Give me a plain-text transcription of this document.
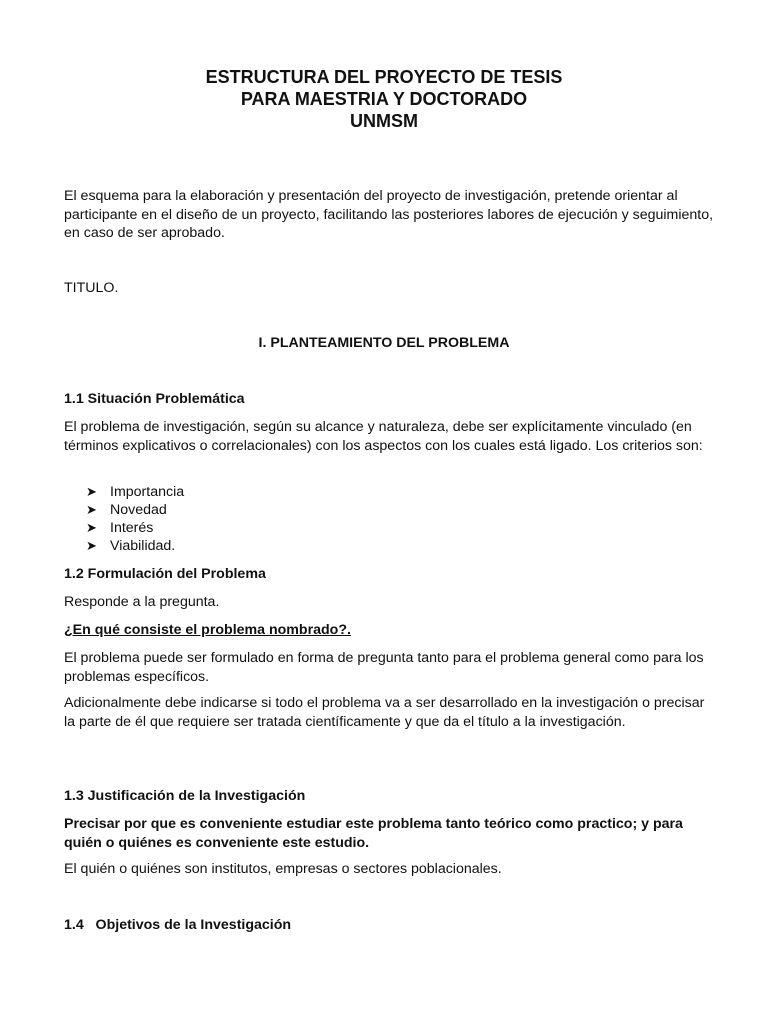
ESTRUCTURA DEL PROYECTO DE TESIS
PARA MAESTRIA Y DOCTORADO
UNMSM

El esquema para la elaboración y presentación del proyecto de investigación, pretende orientar al participante en el diseño de un proyecto, facilitando las posteriores labores de ejecución y seguimiento, en caso de ser aprobado.

TITULO.

I. PLANTEAMIENTO DEL PROBLEMA

1.1 Situación Problemática

El problema de investigación, según su alcance y naturaleza, debe ser explícitamente vinculado (en términos explicativos o correlacionales) con los aspectos con los cuales está ligado. Los criterios son:

➤ Importancia
➤ Novedad
➤ Interés
➤ Viabilidad.

1.2 Formulación del Problema

Responde a la pregunta.

¿En qué consiste el problema nombrado?.

El problema puede ser formulado en forma de pregunta tanto para el problema general como para los problemas específicos.

Adicionalmente debe indicarse si todo el problema va a ser desarrollado en la investigación o precisar la parte de él que requiere ser tratada científicamente y que da el título a la investigación.

1.3 Justificación de la Investigación

Precisar por que es conveniente estudiar este problema tanto teórico como practico; y para quién o quiénes es conveniente este estudio.

El quién o quiénes son institutos, empresas o sectores poblacionales.

1.4   Objetivos de la Investigación
